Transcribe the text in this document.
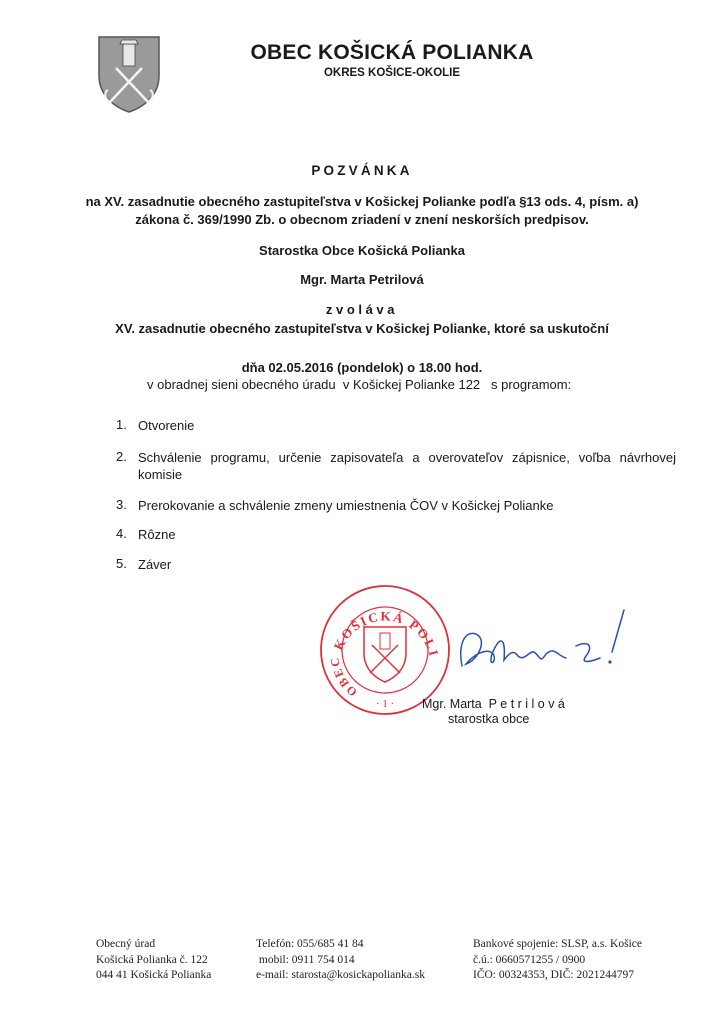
OBEC KOŠICKÁ POLIANKA
OKRES KOŠICE-OKOLIE
POZVÁNKA
na XV. zasadnutie obecného zastupiteľstva v Košickej Polianke podľa §13 ods. 4, písm. a)
zákona č. 369/1990 Zb. o obecnom zriadení v znení neskorších predpisov.
Starostka Obce Košická Polianka
Mgr. Marta Petrilová
zvoláva
XV. zasadnutie obecného zastupiteľstva v Košickej Polianke, ktoré sa uskutoční
dňa 02.05.2016 (pondelok) o 18.00 hod.
v obradnej sieni obecného úradu  v Košickej Polianke 122   s programom:
1. Otvorenie
2. Schválenie programu, určenie zapisovateľa a overovateľov zápisnice, voľba návrhovej komisie
3. Prerokovanie a schválenie zmeny umiestnenia ČOV v Košickej Polianke
4. Rôzne
5. Záver
KOŠICKÁ POLI
OBEC
· 1 · Mgr. Marta  P e t r i l o v á
starostka obce
Obecný úrad
Košická Polianka č. 122
044 41 Košická Polianka
Telefón: 055/685 41 84
mobil: 0911 754 014
e-mail: starosta@kosickapolianka.sk
Bankové spojenie: SLSP, a.s. Košice
č.ú.: 0660571255 / 0900
IČO: 00324353, DIČ: 2021244797
